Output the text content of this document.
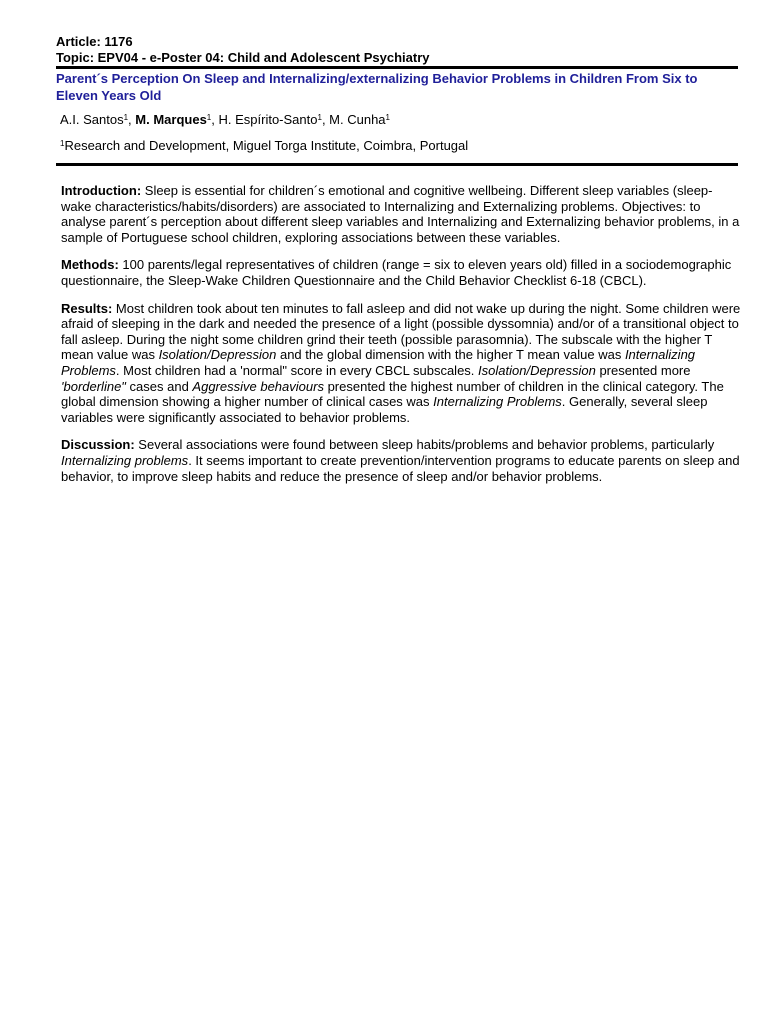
Article: 1176
Topic: EPV04 - e-Poster 04: Child and Adolescent Psychiatry
Parent´s Perception On Sleep and Internalizing/externalizing Behavior Problems in Children From Six to Eleven Years Old
A.I. Santos$^1$, M. Marques$^1$, H. Espírito-Santo$^1$, M. Cunha$^1$
$^1$Research and Development, Miguel Torga Institute, Coimbra, Portugal

Introduction: Sleep is essential for children´s emotional and cognitive wellbeing. Different sleep variables (sleep-wake characteristics/habits/disorders) are associated to Internalizing and Externalizing problems. Objectives: to analyse parent´s perception about different sleep variables and Internalizing and Externalizing behavior problems, in a sample of Portuguese school children, exploring associations between these variables.

Methods: 100 parents/legal representatives of children (range = six to eleven years old) filled in a sociodemographic questionnaire, the Sleep-Wake Children Questionnaire and the Child Behavior Checklist 6-18 (CBCL).

Results: Most children took about ten minutes to fall asleep and did not wake up during the night. Some children were afraid of sleeping in the dark and needed the presence of a light (possible dyssomnia) and/or of a transitional object to fall asleep. During the night some children grind their teeth (possible parasomnia). The subscale with the higher T mean value was Isolation/Depression and the global dimension with the higher T mean value was Internalizing Problems. Most children had a 'normal" score in every CBCL subscales. Isolation/Depression presented more 'borderline" cases and Aggressive behaviours presented the highest number of children in the clinical category. The global dimension showing a higher number of clinical cases was Internalizing Problems. Generally, several sleep variables were significantly associated to behavior problems.

Discussion: Several associations were found between sleep habits/problems and behavior problems, particularly Internalizing problems. It seems important to create prevention/intervention programs to educate parents on sleep and behavior, to improve sleep habits and reduce the presence of sleep and/or behavior problems.
